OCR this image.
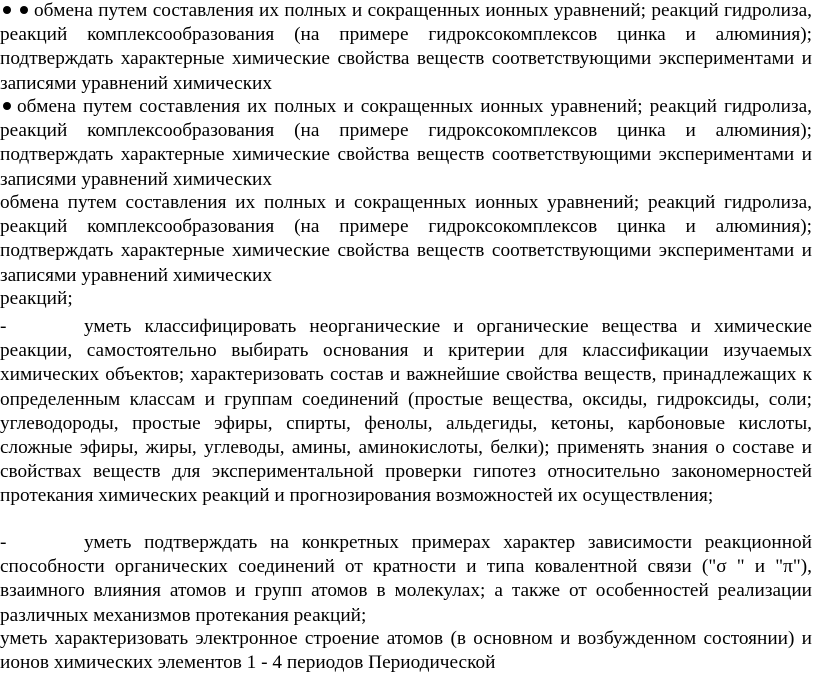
обмена путем составления их полных и сокращенных ионных уравнений; реакций гидролиза, реакций комплексообразования (на примере гидроксокомплексов цинка и алюминия); подтверждать характерные химические свойства веществ соответствующими экспериментами и записями уравнений химических

обмена путем составления их полных и сокращенных ионных уравнений; реакций гидролиза, реакций комплексообразования (на примере гидроксокомплексов цинка и алюминия); подтверждать характерные химические свойства веществ соответствующими экспериментами и записями уравнений химических

обмена путем составления их полных и сокращенных ионных уравнений; реакций гидролиза, реакций комплексообразования (на примере гидроксокомплексов цинка и алюминия); подтверждать характерные химические свойства веществ соответствующими экспериментами и записями уравнений химических

реакций;

-	уметь классифицировать неорганические и органические вещества и химические реакции, самостоятельно выбирать основания и критерии для классификации изучаемых химических объектов; характеризовать состав и важнейшие свойства веществ, принадлежащих к определенным классам и группам соединений (простые вещества, оксиды, гидроксиды, соли; углеводороды, простые эфиры, спирты, фенолы, альдегиды, кетоны, карбоновые кислоты, сложные эфиры, жиры, углеводы, амины, аминокислоты, белки); применять знания о составе и свойствах веществ для экспериментальной проверки гипотез относительно закономерностей протекания химических реакций и прогнозирования возможностей их осуществления;

-	уметь подтверждать на конкретных примерах характер зависимости реакционной способности органических соединений от кратности и типа ковалентной связи ("σ " и "π"), взаимного влияния атомов и групп атомов в молекулах; а также от особенностей реализации различных механизмов протекания реакций;

уметь характеризовать электронное строение атомов (в основном и возбужденном состоянии) и ионов химических элементов 1 - 4 периодов Периодической
